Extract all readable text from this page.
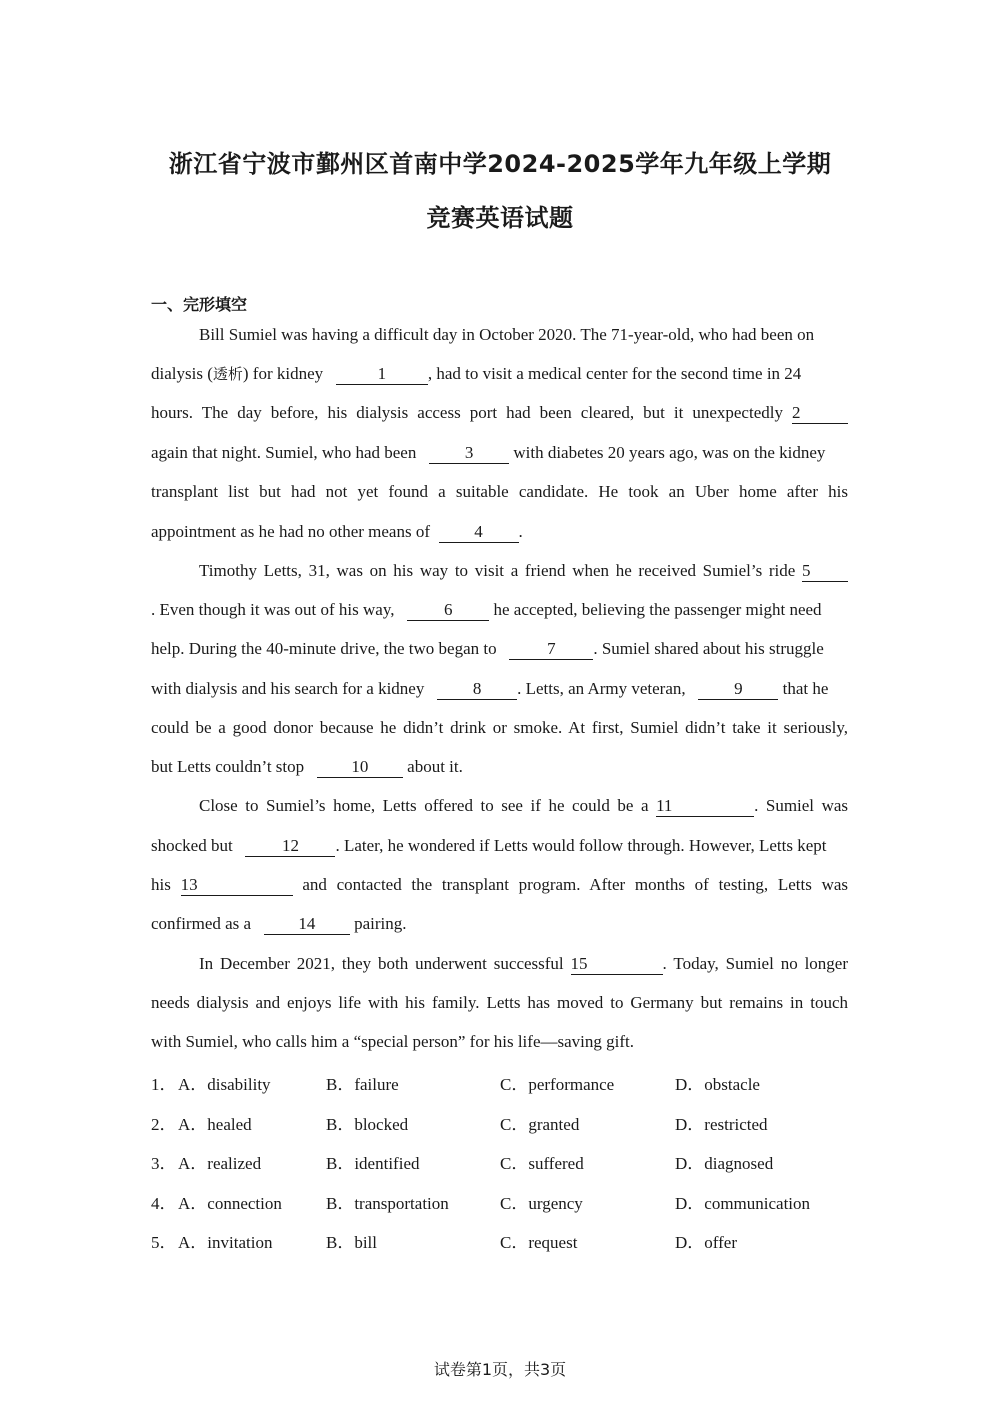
浙江省宁波市鄞州区首南中学2024-2025学年九年级上学期
竞赛英语试题
一、完形填空
Bill Sumiel was having a difficult day in October 2020. The 71-year-old, who had been on
dialysis (透析) for kidney	1 , had to visit a medical center for the second time in 24
hours. The day before, his dialysis access port had been cleared, but it unexpectedly 2
again that night. Sumiel, who had been	3 with diabetes 20 years ago, was on the kidney
transplant list but had not yet found a suitable candidate. He took an Uber home after his
appointment as he had no other means of	4 .
Timothy Letts, 31, was on his way to visit a friend when he received Sumiel’s ride 5
. Even though it was out of his way,	6 he accepted, believing the passenger might need
help. During the 40-minute drive, the two began to	7 . Sumiel shared about his struggle
with dialysis and his search for a kidney	8 . Letts, an Army veteran,	9 that he
could be a good donor because he didn’t drink or smoke. At first, Sumiel didn’t take it seriously,
but Letts couldn’t stop	10 about it.
Close to Sumiel’s home, Letts offered to see if he could be a 11	. Sumiel was
shocked but	12 . Later, he wondered if Letts would follow through. However, Letts kept
his 13	and contacted the transplant program. After months of testing, Letts was
confirmed as a	14 pairing.
In December 2021, they both underwent successful 15	. Today, Sumiel no longer
needs dialysis and enjoys life with his family. Letts has moved to Germany but remains in touch
with Sumiel, who calls him a “special person” for his life—saving gift.
1． A．disability	B．failure	C．performance	D．obstacle
2． A．healed	B．blocked	C．granted	D．restricted
3． A．realized	B．identified	C．suffered	D．diagnosed
4． A．connection	B．transportation	C．urgency	D．communication
5． A．invitation	B．bill	C．request	D．offer
试卷第1页，共3页
